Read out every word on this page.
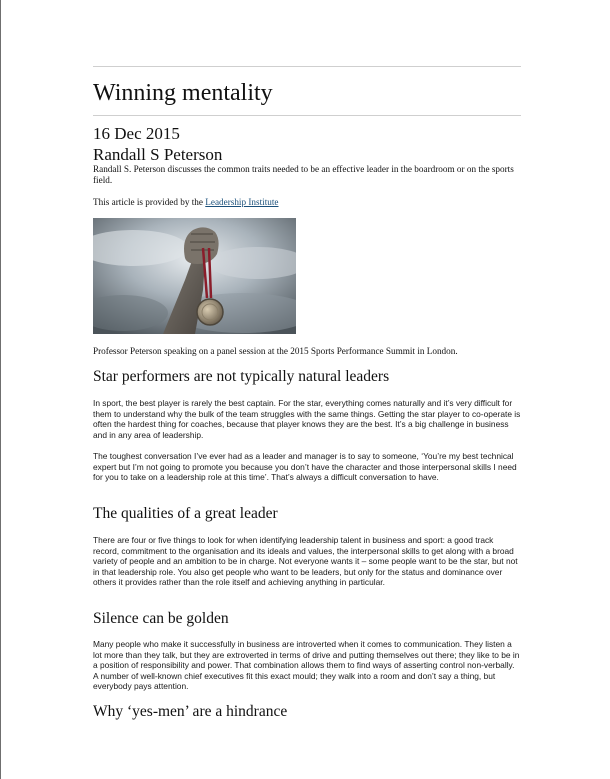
Winning mentality
16 Dec 2015
Randall S Peterson

Randall S. Peterson discusses the common traits needed to be an effective leader in the boardroom or on the sports field.

This article is provided by the Leadership Institute

Professor Peterson speaking on a panel session at the 2015 Sports Performance Summit in London.

Star performers are not typically natural leaders

In sport, the best player is rarely the best captain. For the star, everything comes naturally and it’s very difficult for them to understand why the bulk of the team struggles with the same things. Getting the star player to co-operate is often the hardest thing for coaches, because that player knows they are the best. It’s a big challenge in business and in any area of leadership.

The toughest conversation I’ve ever had as a leader and manager is to say to someone, ‘You’re my best technical expert but I’m not going to promote you because you don’t have the character and those interpersonal skills I need for you to take on a leadership role at this time’. That’s always a difficult conversation to have.

The qualities of a great leader

There are four or five things to look for when identifying leadership talent in business and sport: a good track record, commitment to the organisation and its ideals and values, the interpersonal skills to get along with a broad variety of people and an ambition to be in charge. Not everyone wants it – some people want to be the star, but not in that leadership role. You also get people who want to be leaders, but only for the status and dominance over others it provides rather than the role itself and achieving anything in particular.

Silence can be golden

Many people who make it successfully in business are introverted when it comes to communication. They listen a lot more than they talk, but they are extroverted in terms of drive and putting themselves out there; they like to be in a position of responsibility and power. That combination allows them to find ways of asserting control non-verbally. A number of well-known chief executives fit this exact mould; they walk into a room and don’t say a thing, but everybody pays attention.

Why ‘yes-men’ are a hindrance
